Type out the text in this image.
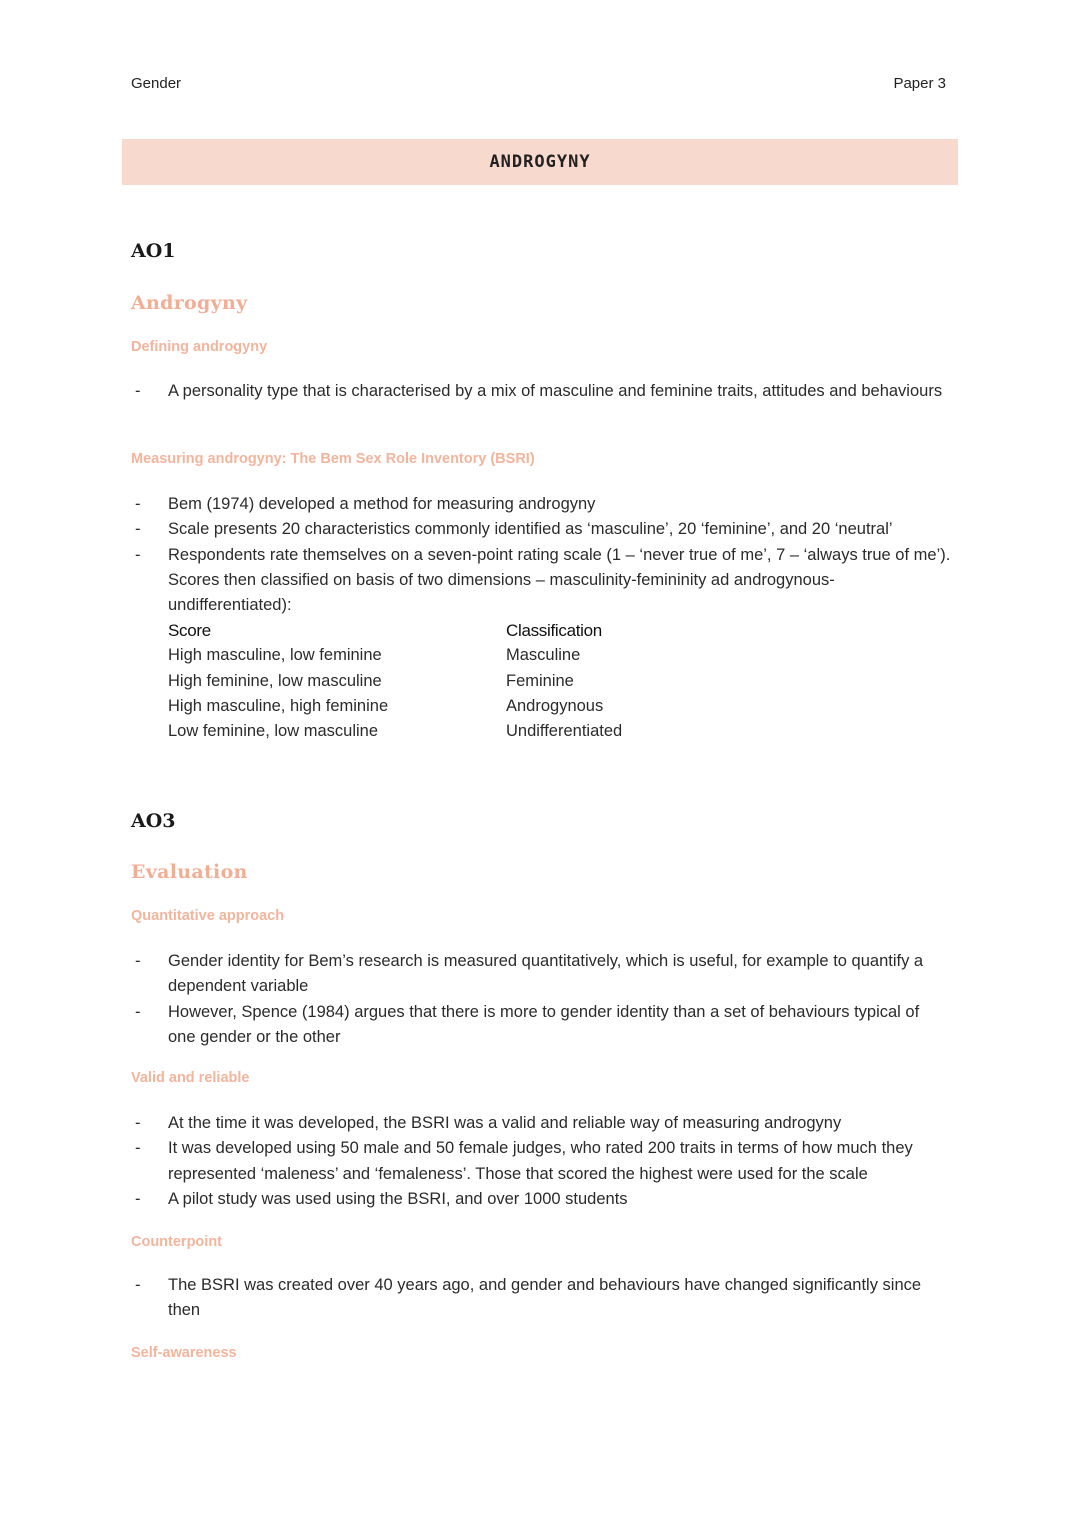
Gender	Paper 3
ANDROGYNY
AO1
Androgyny
Defining androgyny
- A personality type that is characterised by a mix of masculine and feminine traits, attitudes and behaviours
Measuring androgyny: The Bem Sex Role Inventory (BSRI)
- Bem (1974) developed a method for measuring androgyny
- Scale presents 20 characteristics commonly identified as ‘masculine’, 20 ‘feminine’, and 20 ‘neutral’
- Respondents rate themselves on a seven-point rating scale (1 – ‘never true of me’, 7 – ‘always true of me’). Scores then classified on basis of two dimensions – masculinity-femininity ad androgynous-undifferentiated):
Score	Classification
High masculine, low feminine	Masculine
High feminine, low masculine	Feminine
High masculine, high feminine	Androgynous
Low feminine, low masculine	Undifferentiated
AO3
Evaluation
Quantitative approach
- Gender identity for Bem’s research is measured quantitatively, which is useful, for example to quantify a dependent variable
- However, Spence (1984) argues that there is more to gender identity than a set of behaviours typical of one gender or the other
Valid and reliable
- At the time it was developed, the BSRI was a valid and reliable way of measuring androgyny
- It was developed using 50 male and 50 female judges, who rated 200 traits in terms of how much they represented ‘maleness’ and ‘femaleness’. Those that scored the highest were used for the scale
- A pilot study was used using the BSRI, and over 1000 students
Counterpoint
- The BSRI was created over 40 years ago, and gender and behaviours have changed significantly since then
Self-awareness
